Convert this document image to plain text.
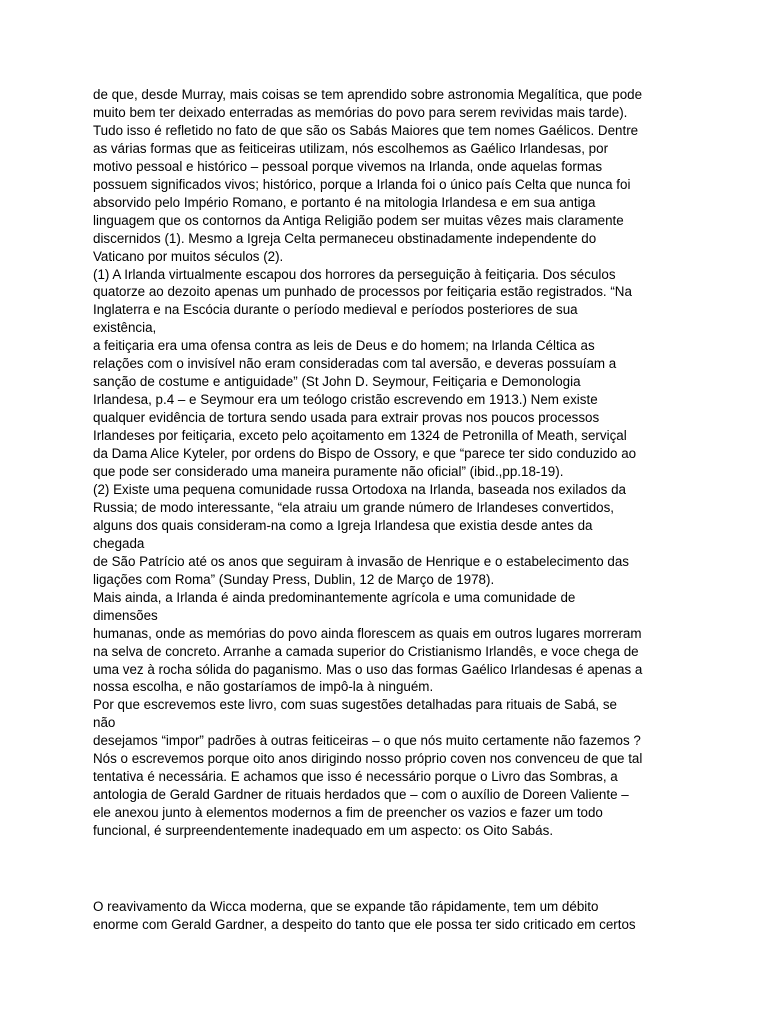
de que, desde Murray, mais coisas se tem aprendido sobre astronomia Megalítica, que pode
muito bem ter deixado enterradas as memórias do povo para serem revividas mais tarde).
Tudo isso é refletido no fato de que são os Sabás Maiores que tem nomes Gaélicos. Dentre
as várias formas que as feiticeiras utilizam, nós escolhemos as Gaélico Irlandesas, por
motivo pessoal e histórico – pessoal porque vivemos na Irlanda, onde aquelas formas
possuem significados vivos; histórico, porque a Irlanda foi o único país Celta que nunca foi
absorvido pelo Império Romano, e portanto é na mitologia Irlandesa e em sua antiga
linguagem que os contornos da Antiga Religião podem ser muitas vêzes mais claramente
discernidos (1). Mesmo a Igreja Celta permaneceu obstinadamente independente do
Vaticano por muitos séculos (2).
(1) A Irlanda virtualmente escapou dos horrores da perseguição à feitiçaria. Dos séculos
quatorze ao dezoito apenas um punhado de processos por feitiçaria estão registrados. “Na
Inglaterra e na Escócia durante o período medieval e períodos posteriores de sua
existência,
a feitiçaria era uma ofensa contra as leis de Deus e do homem; na Irlanda Céltica as
relações com o invisível não eram consideradas com tal aversão, e deveras possuíam a
sanção de costume e antiguidade” (St John D. Seymour, Feitiçaria e Demonologia
Irlandesa, p.4 – e Seymour era um teólogo cristão escrevendo em 1913.) Nem existe
qualquer evidência de tortura sendo usada para extrair provas nos poucos processos
Irlandeses por feitiçaria, exceto pelo açoitamento em 1324 de Petronilla of Meath, serviçal
da Dama Alice Kyteler, por ordens do Bispo de Ossory, e que “parece ter sido conduzido ao
que pode ser considerado uma maneira puramente não oficial” (ibid.,pp.18-19).
(2) Existe uma pequena comunidade russa Ortodoxa na Irlanda, baseada nos exilados da
Russia; de modo interessante, “ela atraiu um grande número de Irlandeses convertidos,
alguns dos quais consideram-na como a Igreja Irlandesa que existia desde antes da
chegada
de São Patrício até os anos que seguiram à invasão de Henrique e o estabelecimento das
ligações com Roma” (Sunday Press, Dublin, 12 de Março de 1978).
Mais ainda, a Irlanda é ainda predominantemente agrícola e uma comunidade de
dimensões
humanas, onde as memórias do povo ainda florescem as quais em outros lugares morreram
na selva de concreto. Arranhe a camada superior do Cristianismo Irlandês, e voce chega de
uma vez à rocha sólida do paganismo. Mas o uso das formas Gaélico Irlandesas é apenas a
nossa escolha, e não gostaríamos de impô-la à ninguém.
Por que escrevemos este livro, com suas sugestões detalhadas para rituais de Sabá, se
não
desejamos “impor” padrões à outras feiticeiras – o que nós muito certamente não fazemos ?
Nós o escrevemos porque oito anos dirigindo nosso próprio coven nos convenceu de que tal
tentativa é necessária. E achamos que isso é necessário porque o Livro das Sombras, a
antologia de Gerald Gardner de rituais herdados que – com o auxílio de Doreen Valiente –
ele anexou junto à elementos modernos a fim de preencher os vazios e fazer um todo
funcional, é surpreendentemente inadequado em um aspecto: os Oito Sabás.
O reavivamento da Wicca moderna, que se expande tão rápidamente, tem um débito
enorme com Gerald Gardner, a despeito do tanto que ele possa ter sido criticado em certos
